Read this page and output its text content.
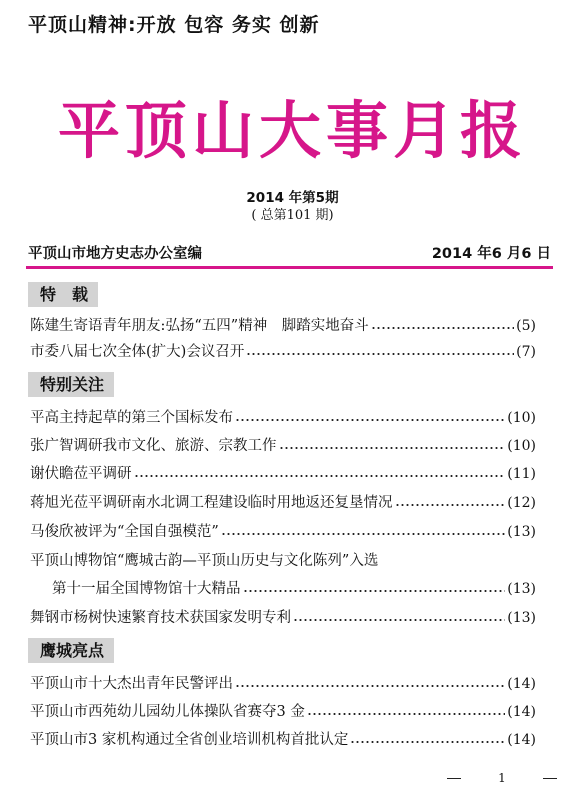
平顶山精神:开放 包容 务实 创新
平顶山大事月报
2014 年第5期
( 总第101 期)
平顶山市地方史志办公室编	2014 年6 月6 日
特　载
陈建生寄语青年朋友:弘扬“五四”精神　脚踏实地奋斗	(5)
市委八届七次全体(扩大)会议召开	(7)
特别关注
平高主持起草的第三个国标发布	(10)
张广智调研我市文化、旅游、宗教工作	(10)
谢伏瞻莅平调研	(11)
蒋旭光莅平调研南水北调工程建设临时用地返还复垦情况	(12)
马俊欣被评为“全国自强模范”	(13)
平顶山博物馆“鹰城古韵—平顶山历史与文化陈列”入选
第十一届全国博物馆十大精品	(13)
舞钢市杨树快速繁育技术获国家发明专利	(13)
鹰城亮点
平顶山市十大杰出青年民警评出	(14)
平顶山市西苑幼儿园幼儿体操队省赛夺3 金	(14)
平顶山市3 家机构通过全省创业培训机构首批认定	(14)
1
